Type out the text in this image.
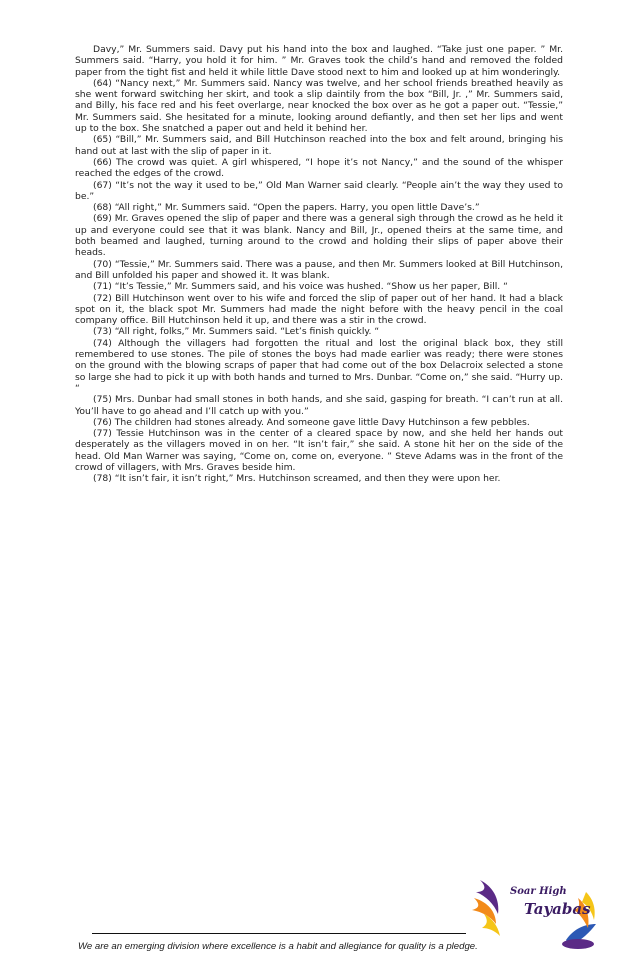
Davy,” Mr. Summers said. Davy put his hand into the box and laughed. “Take just one paper. ” Mr. Summers said. “Harry, you hold it for him. ” Mr. Graves took the child’s hand and removed the folded paper from the tight fist and held it while little Dave stood next to him and looked up at him wonderingly.

(64) “Nancy next,” Mr. Summers said. Nancy was twelve, and her school friends breathed heavily as she went forward switching her skirt, and took a slip daintily from the box “Bill, Jr. ,” Mr. Summers said, and Billy, his face red and his feet overlarge, near knocked the box over as he got a paper out. “Tessie,” Mr. Summers said. She hesitated for a minute, looking around defiantly, and then set her lips and went up to the box. She snatched a paper out and held it behind her.

(65) “Bill,” Mr. Summers said, and Bill Hutchinson reached into the box and felt around, bringing his hand out at last with the slip of paper in it.

(66) The crowd was quiet. A girl whispered, “I hope it’s not Nancy,” and the sound of the whisper reached the edges of the crowd.

(67) “It’s not the way it used to be,” Old Man Warner said clearly. “People ain’t the way they used to be.”

(68) “All right,” Mr. Summers said. “Open the papers. Harry, you open little Dave’s.”

(69) Mr. Graves opened the slip of paper and there was a general sigh through the crowd as he held it up and everyone could see that it was blank. Nancy and Bill, Jr., opened theirs at the same time, and both beamed and laughed, turning around to the crowd and holding their slips of paper above their heads.

(70) “Tessie,” Mr. Summers said. There was a pause, and then Mr. Summers looked at Bill Hutchinson, and Bill unfolded his paper and showed it. It was blank.

(71) “It’s Tessie,” Mr. Summers said, and his voice was hushed. “Show us her paper, Bill. “

(72) Bill Hutchinson went over to his wife and forced the slip of paper out of her hand. It had a black spot on it, the black spot Mr. Summers had made the night before with the heavy pencil in the coal company office. Bill Hutchinson held it up, and there was a stir in the crowd.

(73) “All right, folks,” Mr. Summers said. “Let’s finish quickly. “

(74) Although the villagers had forgotten the ritual and lost the original black box, they still remembered to use stones. The pile of stones the boys had made earlier was ready; there were stones on the ground with the blowing scraps of paper that had come out of the box Delacroix selected a stone so large she had to pick it up with both hands and turned to Mrs. Dunbar. “Come on,” she said. “Hurry up. “

(75) Mrs. Dunbar had small stones in both hands, and she said, gasping for breath. “I can’t run at all. You’ll have to go ahead and I’ll catch up with you.”

(76) The children had stones already. And someone gave little Davy Hutchinson a few pebbles.

(77) Tessie Hutchinson was in the center of a cleared space by now, and she held her hands out desperately as the villagers moved in on her. “It isn’t fair,” she said. A stone hit her on the side of the head. Old Man Warner was saying, “Come on, come on, everyone. ” Steve Adams was in the front of the crowd of villagers, with Mrs. Graves beside him.

(78) “It isn’t fair, it isn’t right,” Mrs. Hutchinson screamed, and then they were upon her.

Soar High
Tayabas
We are an emerging division where excellence is a habit and allegiance for quality is a pledge.
